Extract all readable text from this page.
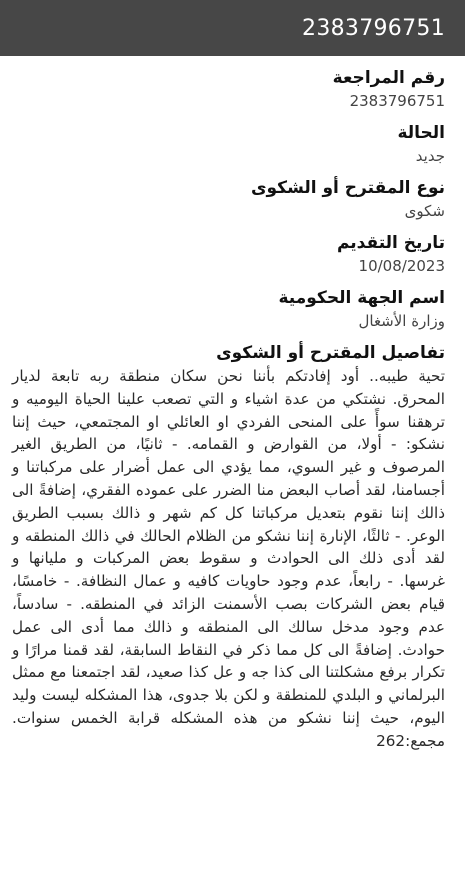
2383796751
رقم المراجعة
2383796751
الحالة
جديد
نوع المقترح أو الشكوى
شكوى
تاريخ التقديم
10/08/2023
اسم الجهة الحكومية
وزارة الأشغال
تفاصيل المقترح أو الشكوى

تحية طيبه.. أود إفادتكم بأننا نحن سكان منطقة ربه تابعة لديار المحرق. نشتكي من عدة اشياء و التي تصعب علينا الحياة اليوميه و ترهقنا سوأً على المنحى الفردي او العائلي او المجتمعي، حيث إننا نشكو: - أولا، من القوارض و القمامه. - ثانيًا، من الطريق الغير المرصوف و غير السوي، مما يؤدي الى عمل أضرار على مركباتنا و أجسامنا، لقد أصاب البعض منا الضرر على عموده الفقري، إضافةً الى ذالك إننا نقوم بتعديل مركباتنا كل كم شهر و ذالك بسبب الطريق الوعر. - ثالثًا، الإنارة إننا نشكو من الظلام الحالك في ذالك المنطقه و لقد أدى ذلك الى الحوادث و سقوط بعض المركبات و مليانها و غرسها. - رابعاً، عدم وجود حاويات كافيه و عمال النظافة. - خامسًا، قيام بعض الشركات بصب الأسمنت الزائد في المنطقه. - سادساً، عدم وجود مدخل سالك الى المنطقه و ذالك مما أدى الى عمل حوادث. إضافةً الى كل مما ذكر في النقاط السابقة، لقد قمنا مرارًا و تكرار برفع مشكلتنا الى كذا جه و عل كذا صعيد، لقد اجتمعنا مع ممثل البرلماني و البلدي للمنطقة و لكن بلا جدوى، هذا المشكله ليست وليد اليوم، حيث إننا نشكو من هذه المشكله قرابة الخمس سنوات. مجمع:262
